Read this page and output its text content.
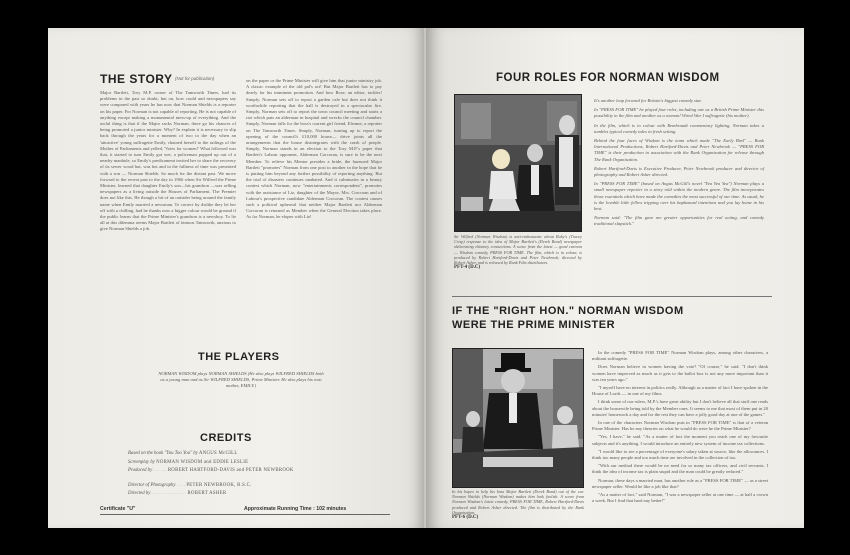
THE STORY (Not for publication)
Major Bartlett, Tory M.P. owner of The Tamworth Times, had its problems in the past so doubt, but on, how could and newspapers say were compared with years he has now that Norman Shields is a reporter on his paper. For Norman is not capable of reporting. He is not capable of anything except making a monumental mess-up of everything. And the awful thing is that if the Major sacks Norman, there go his chances of being promoted a junior minister. Why? In explain it is necessary to slip back through the years for a moment of two to the day when an 'attractive' young suffragette Emily, chained herself to the railings of the Mother of Parliaments and yelled, 'Votes for women!' What followed was that, it started to turn Emily got wet, a policeman popped up out of a nearby manhole, so Emily's predicament invited her to share the recovery of its sewer wood hut, was hot and in the fullness of time was presented with a son — Norman Shields. So much for the distant past. We move forward to the recent past to the day in 1966 when Sir Wilfred the Prime Minister, learned that daughter Emily's son—his grandson —was selling newspapers as a living outside the Houses of Parliament. The Premier does not like this. He though a bit of an outsider being around the family name when Emily married a newsman. To correct by dislike they let her off with a chilling, had he thanks now a bigger colour would be ground if the public learns that the Prime Minister's grandson is a newsboy. To lie all at this dilemma seems Major Bartlett of famous Tamworth, anxious to give Norman Shields a job.
on the paper or the Prime Minister will give him that junior ministry job. A classic example of the old pal's act! But Major Bartlett has to pay dearly for his imminent promotion. And how Rose, an editor, tackles! Simply, Norman sets off to report a garden cafe but does not think it worthwhile reporting that the hall is destroyed in a spectacular fire. Simply, Norman sets off to report the town council meeting and starts a riot which puts an alderman in hospital and wrecks the council chamber. Simply, Norman falls for the boss's current girl friend, Eleanor, a reporter on The Tamworth Times. Simply, Norman, turning up to report the opening of the council's £10,000 house— drive joints all the arrangements that the house disintegrates with the crash of people. Simply, Norman stands in an election to the Tory M.P.'s paper that Bartlett's Labour opponent, Alderman Corcoran, is sure to be the next Member. To relieve his Mentor presides a bride, the harassed Major Bartlett "promotes" Norman from one post to another in the hope that he is putting him beyond any further possibility of reporting anything. But the trial of disasters continues unabated. And it culminates in a beauty contest which Norman, now "entertainments correspondent", promotes with the assistance of Liz, daughter of the Mayor, Mrs. Corcoran and of Labour's prospective candidate Alderman Corcoran. The contest causes such a political upheaval that neither Major Bartlett nor Alderman Corcoran is returned as Member when the General Election takes place. As for Norman, he elopes with Liz!
THE PLAYERS
NORMAN WISDOM plays NORMAN SHIELDS (He also plays WILFRED SHIELDS both as a young man and as Sir WILFRED SHIELDS, Prime Minister. He also plays his own mother, EMILY.)
CREDITS
Based on the book "You Too You" by ANGUS McGILL
Screenplay by NORMAN WISDOM and EDDIE LESLIE
Produced by . . . . . . ROBERT HARTFORD-DAVIS and PETER NEWBROOK
Director of Photography . . . . PETER NEWBROOK, B.S.C.
Directed by . . . . . . . . . . . . . . . ROBERT ASHER
Certificate "U"	Approximate Running Time : 102 minutes
FOUR ROLES FOR NORMAN WISDOM
Sir Wilfred (Norman Wisdom) is anti-enthusiastic about Ruby's (Tracey Crisp) response to the idea of Major Bartlett's (Derek Bond) newspaper obliterating chimney connections. A scene from the latest — good cartoon — Wisdom comedy, PRESS FOR TIME. The film, which is in colour, is produced by Robert Hartford-Davis and Peter Newbrook; directed by Robert Asher, and is released by Rank Film distributors.
PFT-4 (D.C)

It's another leap forward for Britain's biggest comedy star.

In "PRESS FOR TIME" he played four roles, including one as a British Prime Minister this possibility in the film and another as a woman! Wired War I suffragette (his mother).

In the film, which is in colour with Rembrandt commentary lighting, Norman takes a tumbles typical comedy tales in fresh setting.

Behind the four faces of Wisdom is the team which made "The Early Bird" — Rank International Productions, Robert Hartford-Davis and Peter Newbrook — "PRESS FOR TIME" is their production in association with the Rank Organisation for release through The Rank Organisation.

Robert Hartford-Davis is Executive Producer, Peter Newbrook producer and director of photography and Robert Asher directed.

In "PRESS FOR TIME" (based on Angus McGill's novel "Yea Yea Yea") Norman plays a small newspaper reporter in a story told within the modern genre. The film incorporates those essentials which have made the comedies the most successful of our time. As usual, he is the lovable little fellow tripping over his haphazard intentions and you lay home in his best.

Norman said: "The film gave me greater opportunities for real acting, and comedy traditional slapstick."

IF THE "RIGHT HON." NORMAN WISDOM
WERE THE PRIME MINISTER
In his hopes to help his boss Major Bartlett (Derek Bond) out of the car. Norman Shields (Norman Wisdom) makes him look foolish. A scene from Norman Wisdom's latest comedy, PRESS FOR TIME, Robert Hartford-Davis produced and Robert Asher directed. The film is distributed by the Rank Organisation.
PFT-6 (D.C)

In the comedy "PRESS FOR TIME" Norman Wisdom plays, among other characters, a militant suffragette.

Does Norman believe in women having the vote? "Of course," he said. "I don't think women have improved as much as it gets to the ballot box is not any more important than it was ten years ago."

"I myself have no interest in politics really. Although as a matter of fact I have spoken in the House of Lords — in one of my films.

I think some of our rulers, M.P.'s have great ability but I don't believe all that stuff one reads about the housewife being told by the Member ones. It seems to me that most of them put in 20 minutes' homework a day and for the rest they can have a jolly good day at one of the games."

In one of the characters Norman Wisdom puts in "PRESS FOR TIME" is that of a veteran Prime Minister. Has he any theories on what he would do were he the Prime Minister?

"Yes, I have," he said. "As a matter of fact the moment you reach one of my favourite subjects and it's anything. I would introduce an entirely new system of income tax collections.

"I would like to see a percentage of everyone's salary taken at source, like the allowances. I think too many people and too much time are involved in the collection of tax.

"With our method there would be no need for so many tax officers, and civil servants. I think the idea of income tax is plain stupid and the man could be greatly reduced."

Norman, these days a married man, has another role as a "PRESS FOR TIME" — as a street newspaper seller. Would he like a job like that?

"As a matter of fact," said Norman, "I was a newspaper seller at one time — at half a crown a week. But I find that hard any better!"
